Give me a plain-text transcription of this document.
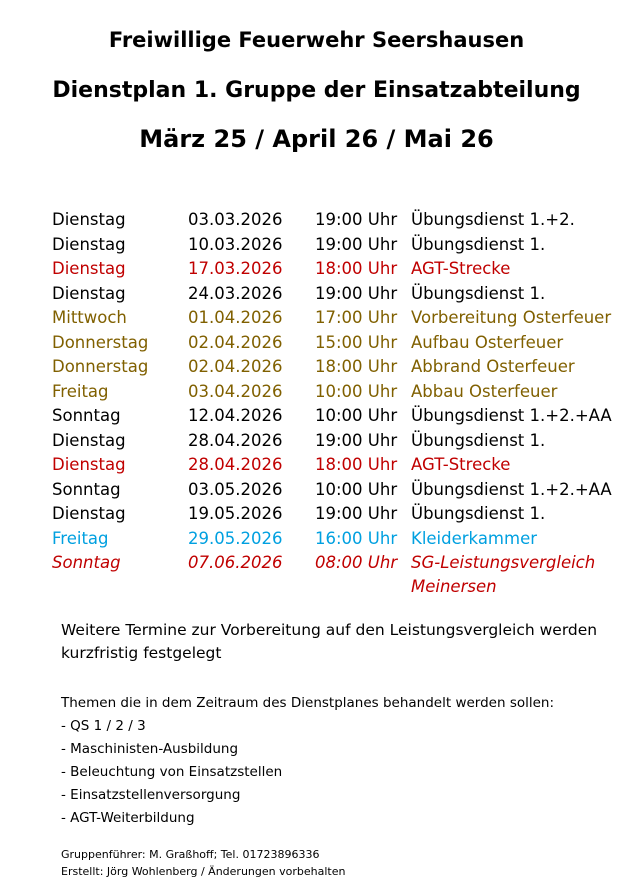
Freiwillige Feuerwehr Seershausen
Dienstplan 1. Gruppe der Einsatzabteilung
März 25 / April 26 / Mai 26
Dienstag	03.03.2026 19:00 Uhr Übungsdienst 1.+2.
Dienstag	10.03.2026 19:00 Uhr Übungsdienst 1.
Dienstag	17.03.2026 18:00 Uhr AGT-Strecke
Dienstag	24.03.2026 19:00 Uhr Übungsdienst 1.
Mittwoch	01.04.2026 17:00 Uhr Vorbereitung Osterfeuer
Donnerstag 02.04.2026 15:00 Uhr Aufbau Osterfeuer
Donnerstag 02.04.2026 18:00 Uhr Abbrand Osterfeuer
Freitag	03.04.2026 10:00 Uhr Abbau Osterfeuer
Sonntag	12.04.2026 10:00 Uhr Übungsdienst 1.+2.+AA
Dienstag	28.04.2026 19:00 Uhr Übungsdienst 1.
Dienstag	28.04.2026 18:00 Uhr AGT-Strecke
Sonntag	03.05.2026 10:00 Uhr Übungsdienst 1.+2.+AA
Dienstag	19.05.2026 19:00 Uhr Übungsdienst 1.
Freitag	29.05.2026 16:00 Uhr Kleiderkammer
Sonntag	07.06.2026 08:00 Uhr SG-Leistungsvergleich Meinersen
Weitere Termine zur Vorbereitung auf den Leistungsvergleich werden kurzfristig festgelegt
Themen die in dem Zeitraum des Dienstplanes behandelt werden sollen:
- QS 1 / 2 / 3
- Maschinisten-Ausbildung
- Beleuchtung von Einsatzstellen
- Einsatzstellenversorgung
- AGT-Weiterbildung
Gruppenführer: M. Graßhoff; Tel. 01723896336
Erstellt: Jörg Wohlenberg / Änderungen vorbehalten
